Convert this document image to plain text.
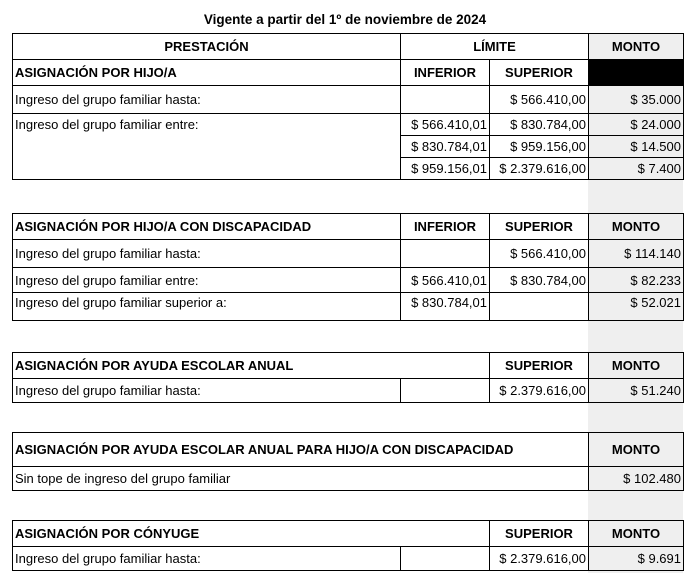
Vigente a partir del 1º de noviembre de 2024
PRESTACIÓN	LÍMITE		MONTO
ASIGNACIÓN POR HIJO/A	INFERIOR	SUPERIOR	
Ingreso del grupo familiar hasta:		$ 566.410,00	$ 35.000
Ingreso del grupo familiar entre:	$ 566.410,01	$ 830.784,00	$ 24.000
	$ 830.784,01	$ 959.156,00	$ 14.500
	$ 959.156,01	$ 2.379.616,00	$ 7.400
ASIGNACIÓN POR HIJO/A CON DISCAPACIDAD	INFERIOR	SUPERIOR	MONTO
Ingreso del grupo familiar hasta:		$ 566.410,00	$ 114.140
Ingreso del grupo familiar entre:	$ 566.410,01	$ 830.784,00	$ 82.233
Ingreso del grupo familiar superior a:	$ 830.784,01		$ 52.021
ASIGNACIÓN POR AYUDA ESCOLAR ANUAL		SUPERIOR	MONTO
Ingreso del grupo familiar hasta:		$ 2.379.616,00	$ 51.240
ASIGNACIÓN POR AYUDA ESCOLAR ANUAL PARA HIJO/A CON DISCAPACIDAD	MONTO
Sin tope de ingreso del grupo familiar	$ 102.480
ASIGNACIÓN POR CÓNYUGE		SUPERIOR	MONTO
Ingreso del grupo familiar hasta:		$ 2.379.616,00	$ 9.691
